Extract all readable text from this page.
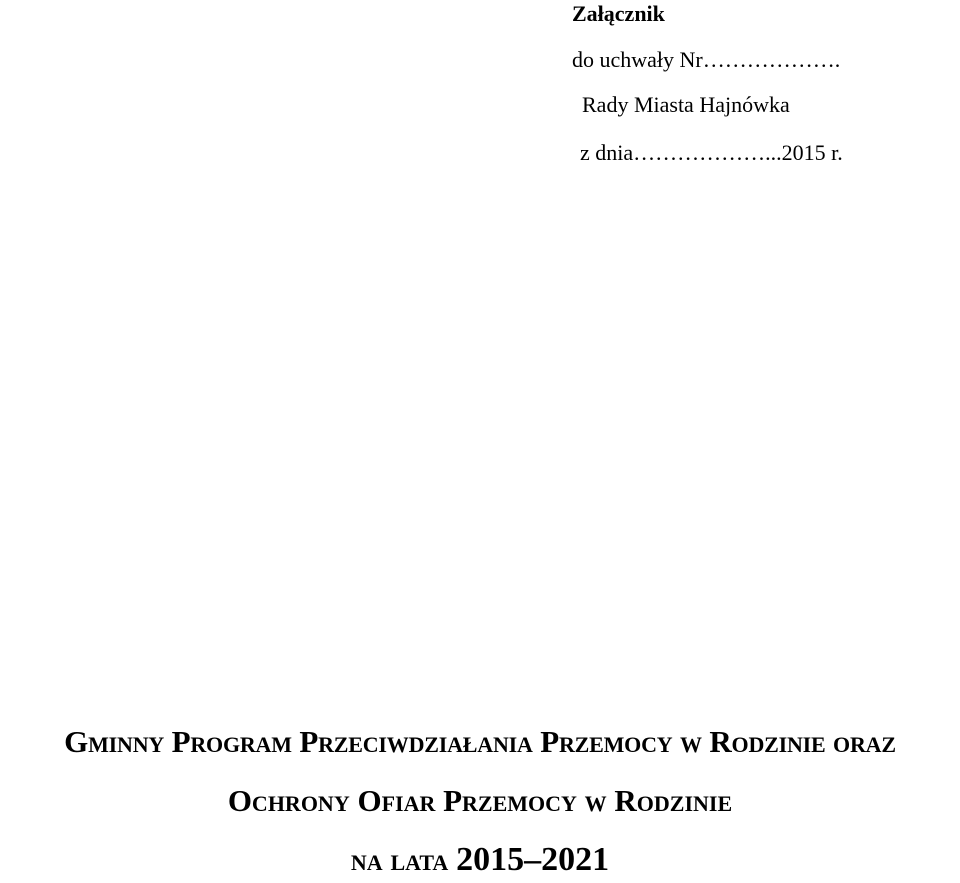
Załącznik
do uchwały Nr……………….
Rady Miasta Hajnówka
z dnia………………...2015 r.
Gminny Program Przeciwdziałania Przemocy w Rodzinie oraz
Ochrony Ofiar Przemocy w Rodzinie
na lata 2015–2021
